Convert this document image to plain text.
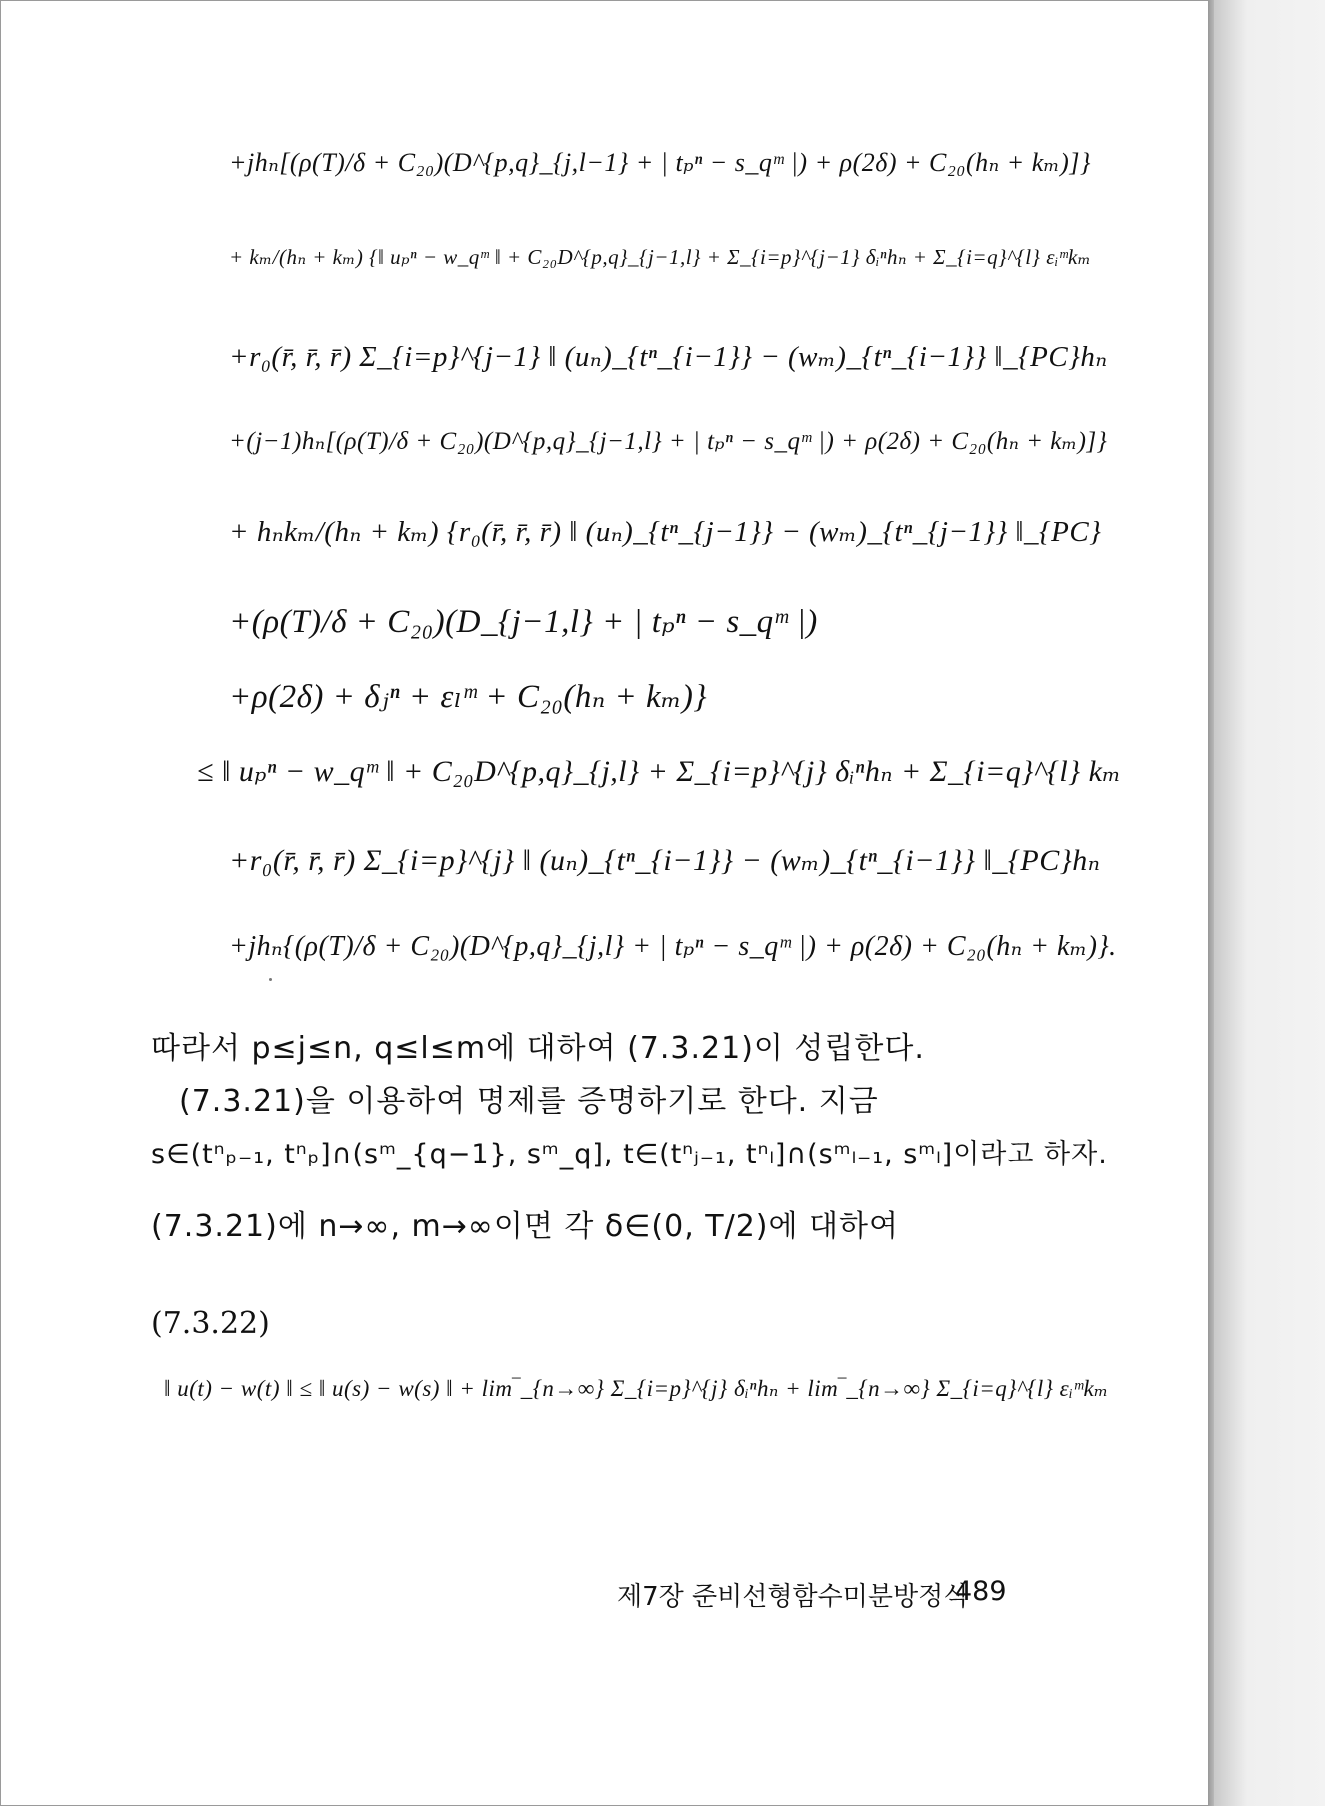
+jhₙ[(ρ(T)/δ + C₂₀)(D^{p,q}_{j,l−1} + | tₚⁿ − s_qᵐ |) + ρ(2δ) + C₂₀(hₙ + kₘ)]}
+ kₘ/(hₙ + kₘ) {‖ uₚⁿ − w_qᵐ ‖ + C₂₀D^{p,q}_{j−1,l} + Σ_{i=p}^{j−1} δᵢⁿhₙ + Σ_{i=q}^{l} εᵢᵐkₘ
+r₀(r̄, r̄, r̄) Σ_{i=p}^{j−1} ‖ (uₙ)_{tⁿ_{i−1}} − (wₘ)_{tⁿ_{i−1}} ‖_{PC}hₙ
+(j−1)hₙ[(ρ(T)/δ + C₂₀)(D^{p,q}_{j−1,l} + | tₚⁿ − s_qᵐ |) + ρ(2δ) + C₂₀(hₙ + kₘ)]}
+ hₙkₘ/(hₙ + kₘ) {r₀(r̄, r̄, r̄) ‖ (uₙ)_{tⁿ_{j−1}} − (wₘ)_{tⁿ_{j−1}} ‖_{PC}
+(ρ(T)/δ + C₂₀)(D_{j−1,l} + | tₚⁿ − s_qᵐ |)
+ρ(2δ) + δⱼⁿ + εₗᵐ + C₂₀(hₙ + kₘ)}
≤ ‖ uₚⁿ − w_qᵐ ‖ + C₂₀D^{p,q}_{j,l} + Σ_{i=p}^{j} δᵢⁿhₙ + Σ_{i=q}^{l} kₘ
+r₀(r̄, r̄, r̄) Σ_{i=p}^{j} ‖ (uₙ)_{tⁿ_{i−1}} − (wₘ)_{tⁿ_{i−1}} ‖_{PC}hₙ
+jhₙ{(ρ(T)/δ + C₂₀)(D^{p,q}_{j,l} + | tₚⁿ − s_qᵐ |) + ρ(2δ) + C₂₀(hₙ + kₘ)}.
따라서 p≤j≤n, q≤l≤m에 대하여 (7.3.21)이 성립한다.
(7.3.21)을 이용하여 명제를 증명하기로 한다. 지금
s∈(tⁿₚ₋₁, tⁿₚ]∩(sᵐ_{q−1}, sᵐ_q], t∈(tⁿⱼ₋₁, tⁿₗ]∩(sᵐₗ₋₁, sᵐₗ]이라고 하자.
(7.3.21)에 n→∞, m→∞이면 각 δ∈(0, T/2)에 대하여
(7.3.22)
‖ u(t) − w(t) ‖ ≤ ‖ u(s) − w(s) ‖ + lim‾_{n→∞} Σ_{i=p}^{j} δᵢⁿhₙ + lim‾_{n→∞} Σ_{i=q}^{l} εᵢᵐkₘ
제7장 준비선형함수미분방정식
489
